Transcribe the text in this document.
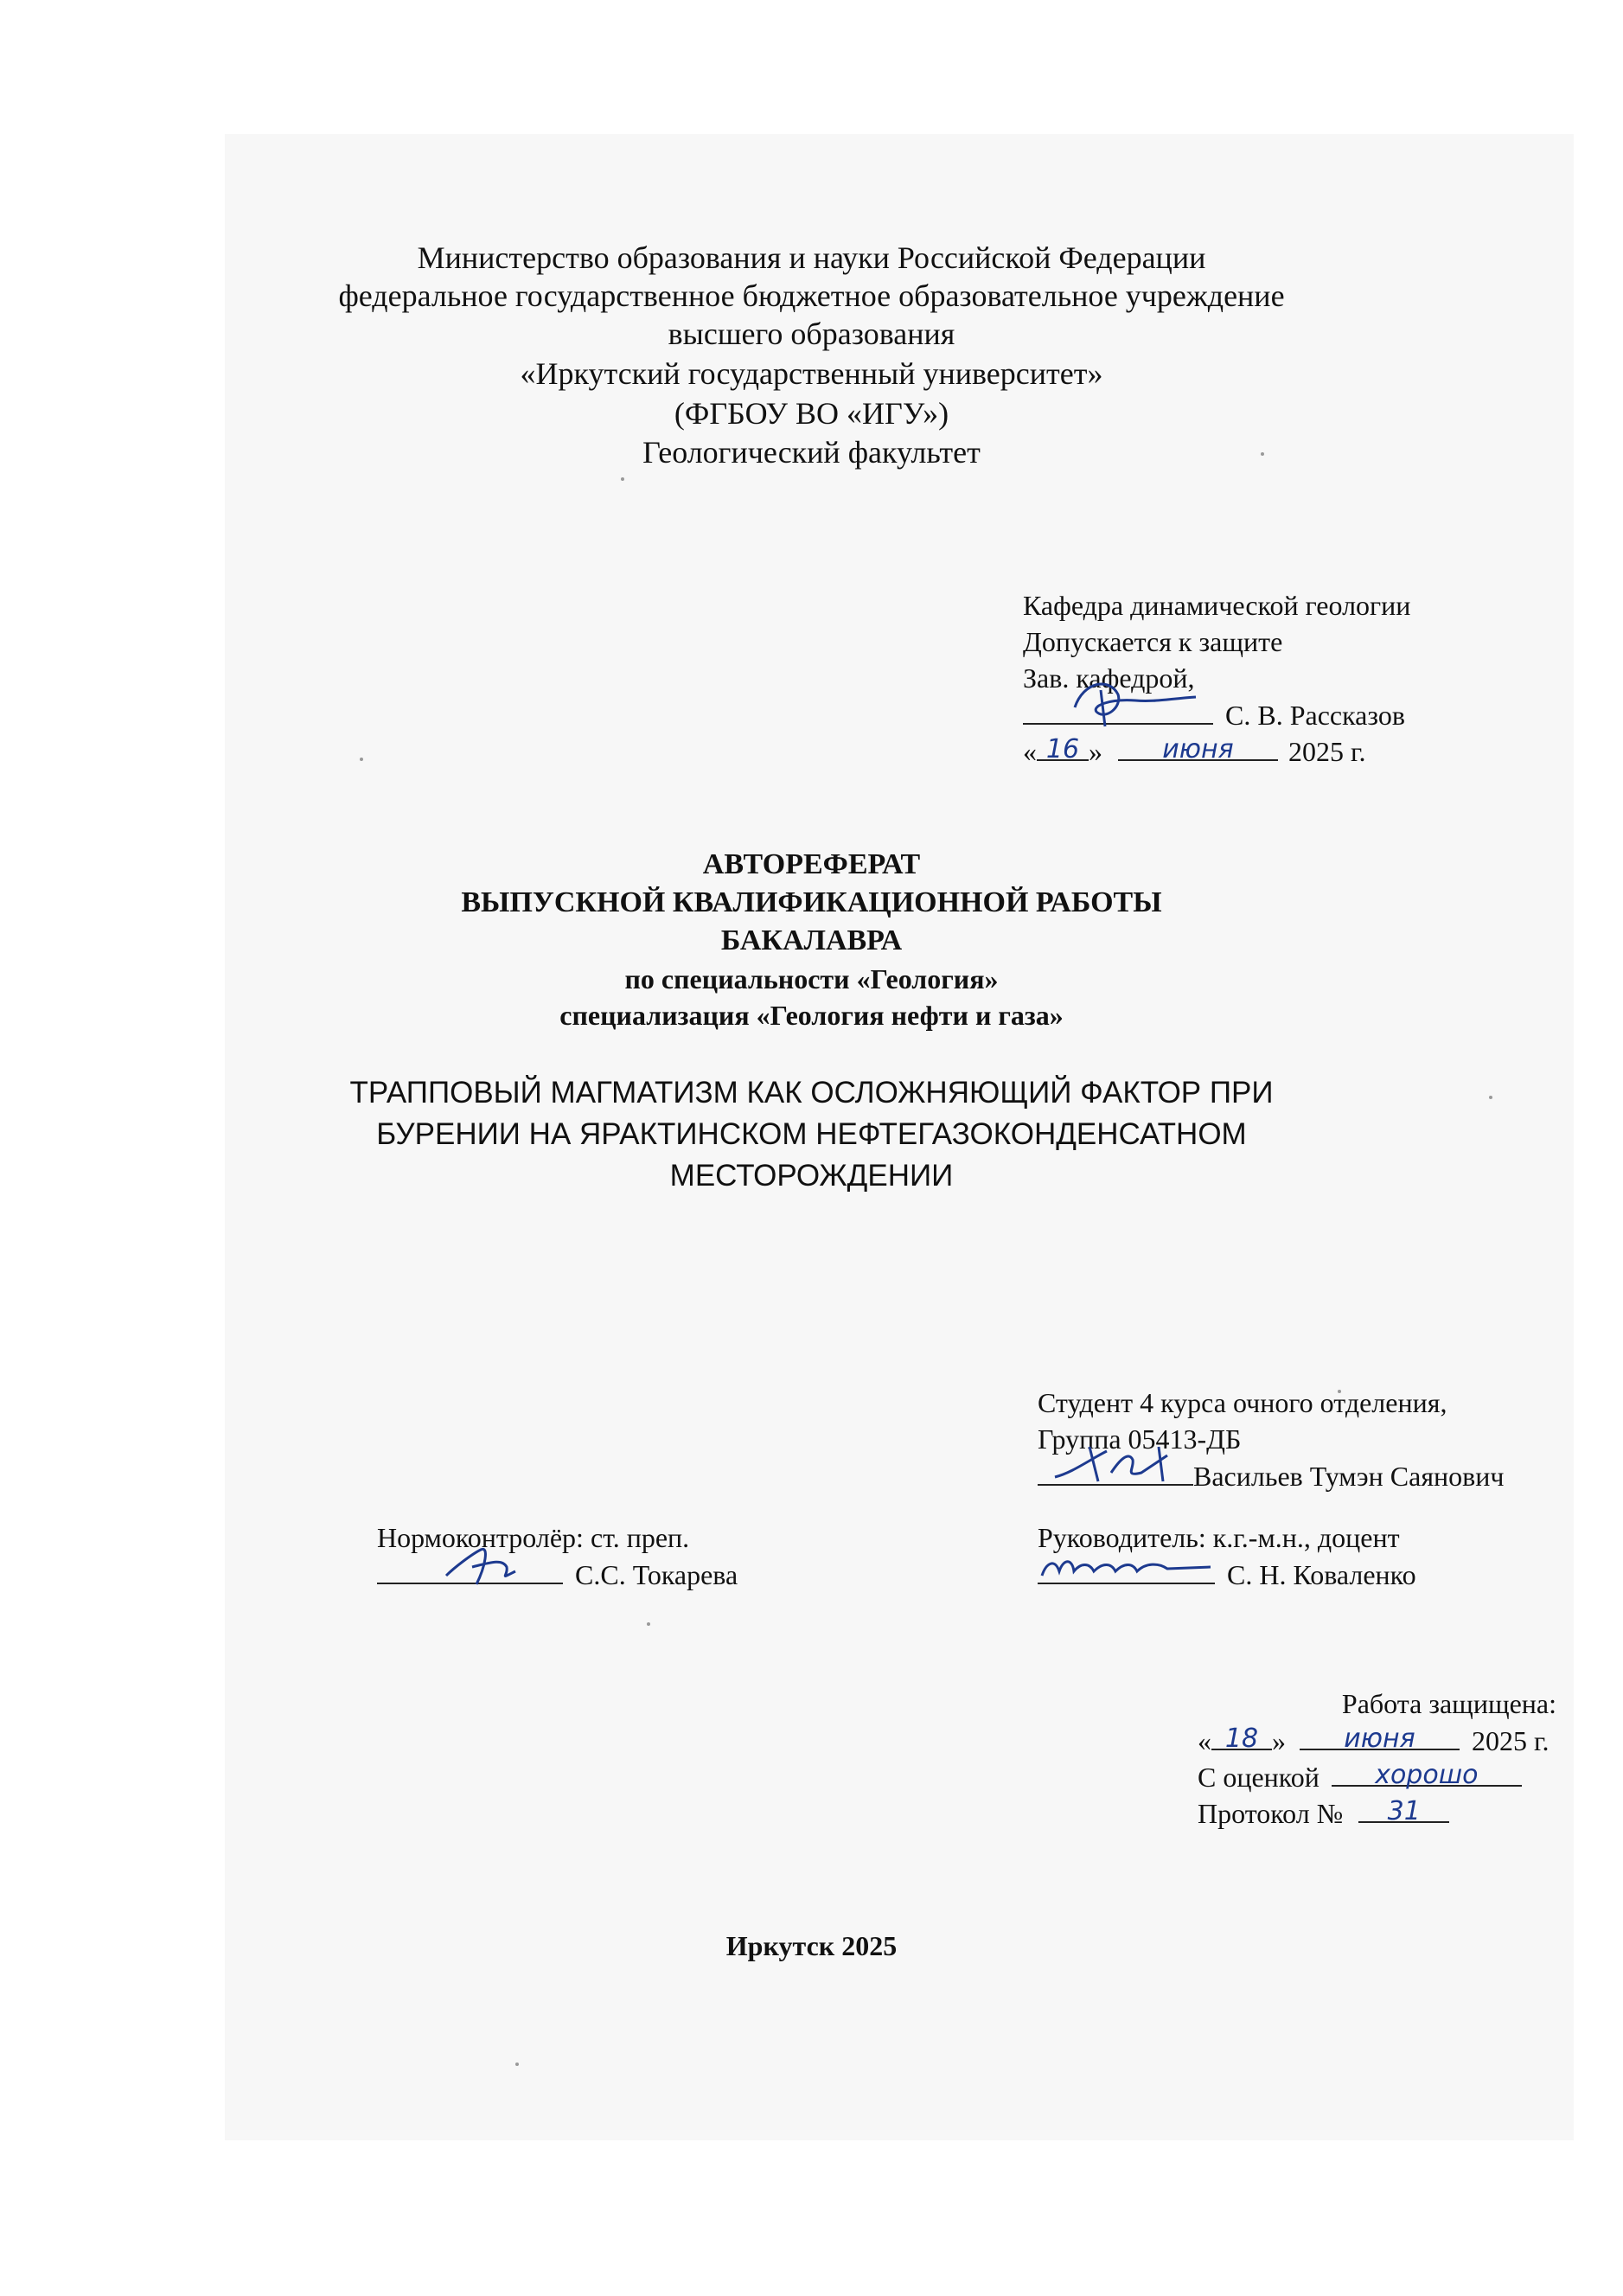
Министерство образования и науки Российской Федерации
федеральное государственное бюджетное образовательное учреждение
высшего образования
«Иркутский государственный университет»
(ФГБОУ ВО «ИГУ»)
Геологический факультет
Кафедра динамической геологии
Допускается к защите
Зав. кафедрой,
С. В. Рассказов
« 16 »	июня	2025 г.
АВТОРЕФЕРАТ
ВЫПУСКНОЙ КВАЛИФИКАЦИОННОЙ РАБОТЫ
БАКАЛАВРА
по специальности «Геология»
специализация «Геология нефти и газа»
ТРАППОВЫЙ МАГМАТИЗМ КАК ОСЛОЖНЯЮЩИЙ ФАКТОР ПРИ
БУРЕНИИ НА ЯРАКТИНСКОМ НЕФТЕГАЗОКОНДЕНСАТНОМ
МЕСТОРОЖДЕНИИ
Студент 4 курса очного отделения,
Группа 05413-ДБ
Васильев Тумэн Саянович
Нормоконтролёр: ст. преп.
С.С. Токарева
Руководитель: к.г.-м.н., доцент
С. Н. Коваленко
Работа защищена:
« 18 »	июня	2025 г.
С оценкой	хорошо
Протокол №	31
Иркутск 2025
